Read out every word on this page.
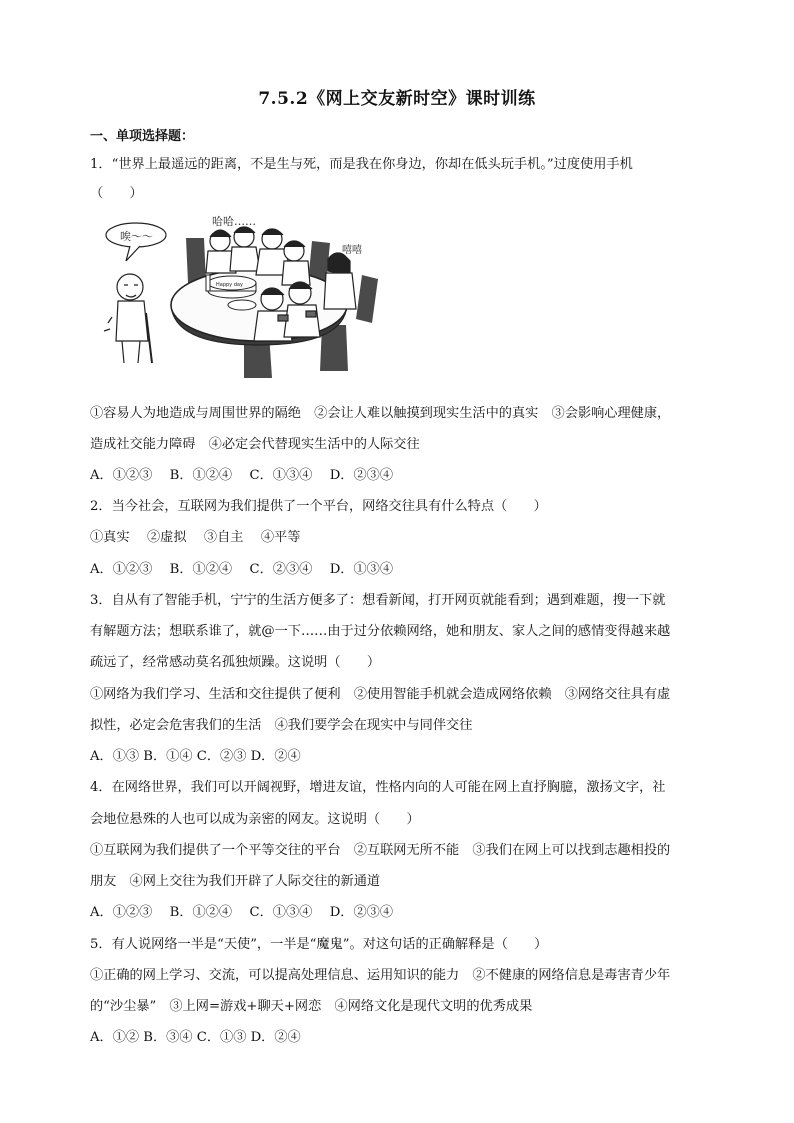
7.5.2《网上交友新时空》课时训练
一、单项选择题：
1．“世界上最遥远的距离，不是生与死，而是我在你身边，你却在低头玩手机。”过度使用手机
（　　）
Happy day
唉～～
哈哈……
嘻嘻
①容易人为地造成与周围世界的隔绝　②会让人难以触摸到现实生活中的真实　③会影响心理健康，
造成社交能力障碍　④必定会代替现实生活中的人际交往
A．①②③　 B．①②④　 C．①③④　 D．②③④
2．当今社会，互联网为我们提供了一个平台，网络交往具有什么特点（　　）
①真实　 ②虚拟　 ③自主　 ④平等
A．①②③　 B．①②④　 C．②③④　 D．①③④
3．自从有了智能手机，宁宁的生活方便多了：想看新闻，打开网页就能看到；遇到难题，搜一下就
有解题方法；想联系谁了，就@一下……由于过分依赖网络，她和朋友、家人之间的感情变得越来越
疏远了，经常感动莫名孤独烦躁。这说明（　　）
①网络为我们学习、生活和交往提供了便利　②使用智能手机就会造成网络依赖　③网络交往具有虚
拟性，必定会危害我们的生活　④我们要学会在现实中与同伴交往
A．①③ B．①④ C．②③ D．②④
4．在网络世界，我们可以开阔视野，增进友谊，性格内向的人可能在网上直抒胸臆，激扬文字，社
会地位悬殊的人也可以成为亲密的网友。这说明（　　）
①互联网为我们提供了一个平等交往的平台　②互联网无所不能　③我们在网上可以找到志趣相投的
朋友　④网上交往为我们开辟了人际交往的新通道
A．①②③　 B．①②④　 C．①③④　 D．②③④
5．有人说网络一半是“天使”，一半是“魔鬼”。对这句话的正确解释是（　　）
①正确的网上学习、交流，可以提高处理信息、运用知识的能力　②不健康的网络信息是毒害青少年
的“沙尘暴”　③上网=游戏+聊天+网恋　④网络文化是现代文明的优秀成果
A．①② B．③④ C．①③ D．②④
